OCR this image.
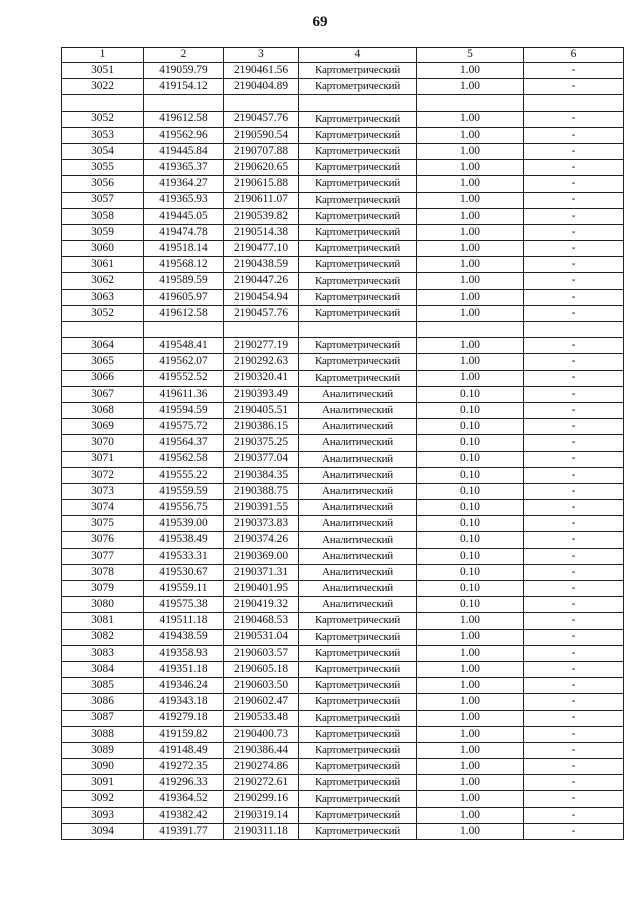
69
1	2	3	4	5	6
3051	419059.79	2190461.56	Картометрический	1.00	-
3022	419154.12	2190404.89	Картометрический	1.00	-

3052	419612.58	2190457.76	Картометрический	1.00	-
3053	419562.96	2190590.54	Картометрический	1.00	-
3054	419445.84	2190707.88	Картометрический	1.00	-
3055	419365.37	2190620.65	Картометрический	1.00	-
3056	419364.27	2190615.88	Картометрический	1.00	-
3057	419365.93	2190611.07	Картометрический	1.00	-
3058	419445.05	2190539.82	Картометрический	1.00	-
3059	419474.78	2190514.38	Картометрический	1.00	-
3060	419518.14	2190477.10	Картометрический	1.00	-
3061	419568.12	2190438.59	Картометрический	1.00	-
3062	419589.59	2190447.26	Картометрический	1.00	-
3063	419605.97	2190454.94	Картометрический	1.00	-
3052	419612.58	2190457.76	Картометрический	1.00	-

3064	419548.41	2190277.19	Картометрический	1.00	-
3065	419562.07	2190292.63	Картометрический	1.00	-
3066	419552.52	2190320.41	Картометрический	1.00	-
3067	419611.36	2190393.49	Аналитический	0.10	-
3068	419594.59	2190405.51	Аналитический	0.10	-
3069	419575.72	2190386.15	Аналитический	0.10	-
3070	419564.37	2190375.25	Аналитический	0.10	-
3071	419562.58	2190377.04	Аналитический	0.10	-
3072	419555.22	2190384.35	Аналитический	0.10	-
3073	419559.59	2190388.75	Аналитический	0.10	-
3074	419556.75	2190391.55	Аналитический	0.10	-
3075	419539.00	2190373.83	Аналитический	0.10	-
3076	419538.49	2190374.26	Аналитический	0.10	-
3077	419533.31	2190369.00	Аналитический	0.10	-
3078	419530.67	2190371.31	Аналитический	0.10	-
3079	419559.11	2190401.95	Аналитический	0.10	-
3080	419575.38	2190419.32	Аналитический	0.10	-
3081	419511.18	2190468.53	Картометрический	1.00	-
3082	419438.59	2190531.04	Картометрический	1.00	-
3083	419358.93	2190603.57	Картометрический	1.00	-
3084	419351.18	2190605.18	Картометрический	1.00	-
3085	419346.24	2190603.50	Картометрический	1.00	-
3086	419343.18	2190602.47	Картометрический	1.00	-
3087	419279.18	2190533.48	Картометрический	1.00	-
3088	419159.82	2190400.73	Картометрический	1.00	-
3089	419148.49	2190386.44	Картометрический	1.00	-
3090	419272.35	2190274.86	Картометрический	1.00	-
3091	419296.33	2190272.61	Картометрический	1.00	-
3092	419364.52	2190299.16	Картометрический	1.00	-
3093	419382.42	2190319.14	Картометрический	1.00	-
3094	419391.77	2190311.18	Картометрический	1.00	-
